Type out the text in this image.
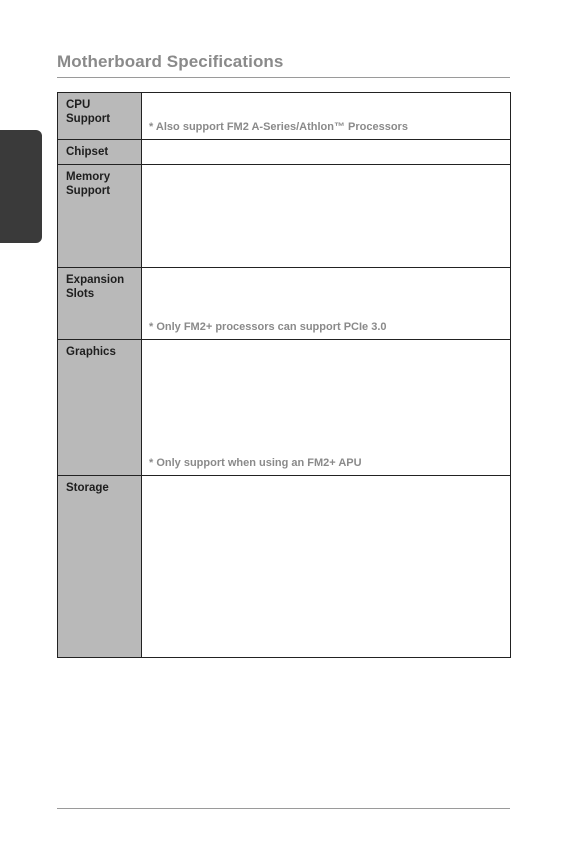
Motherboard Specifications
CPU
Support	* Also support FM2 A-Series/Athlon™ Processors

Chipset	

Memory
Support	

Expansion
Slots	* Only FM2+ processors can support PCIe 3.0

Graphics	* Only support when using an FM2+ APU

Storage	
